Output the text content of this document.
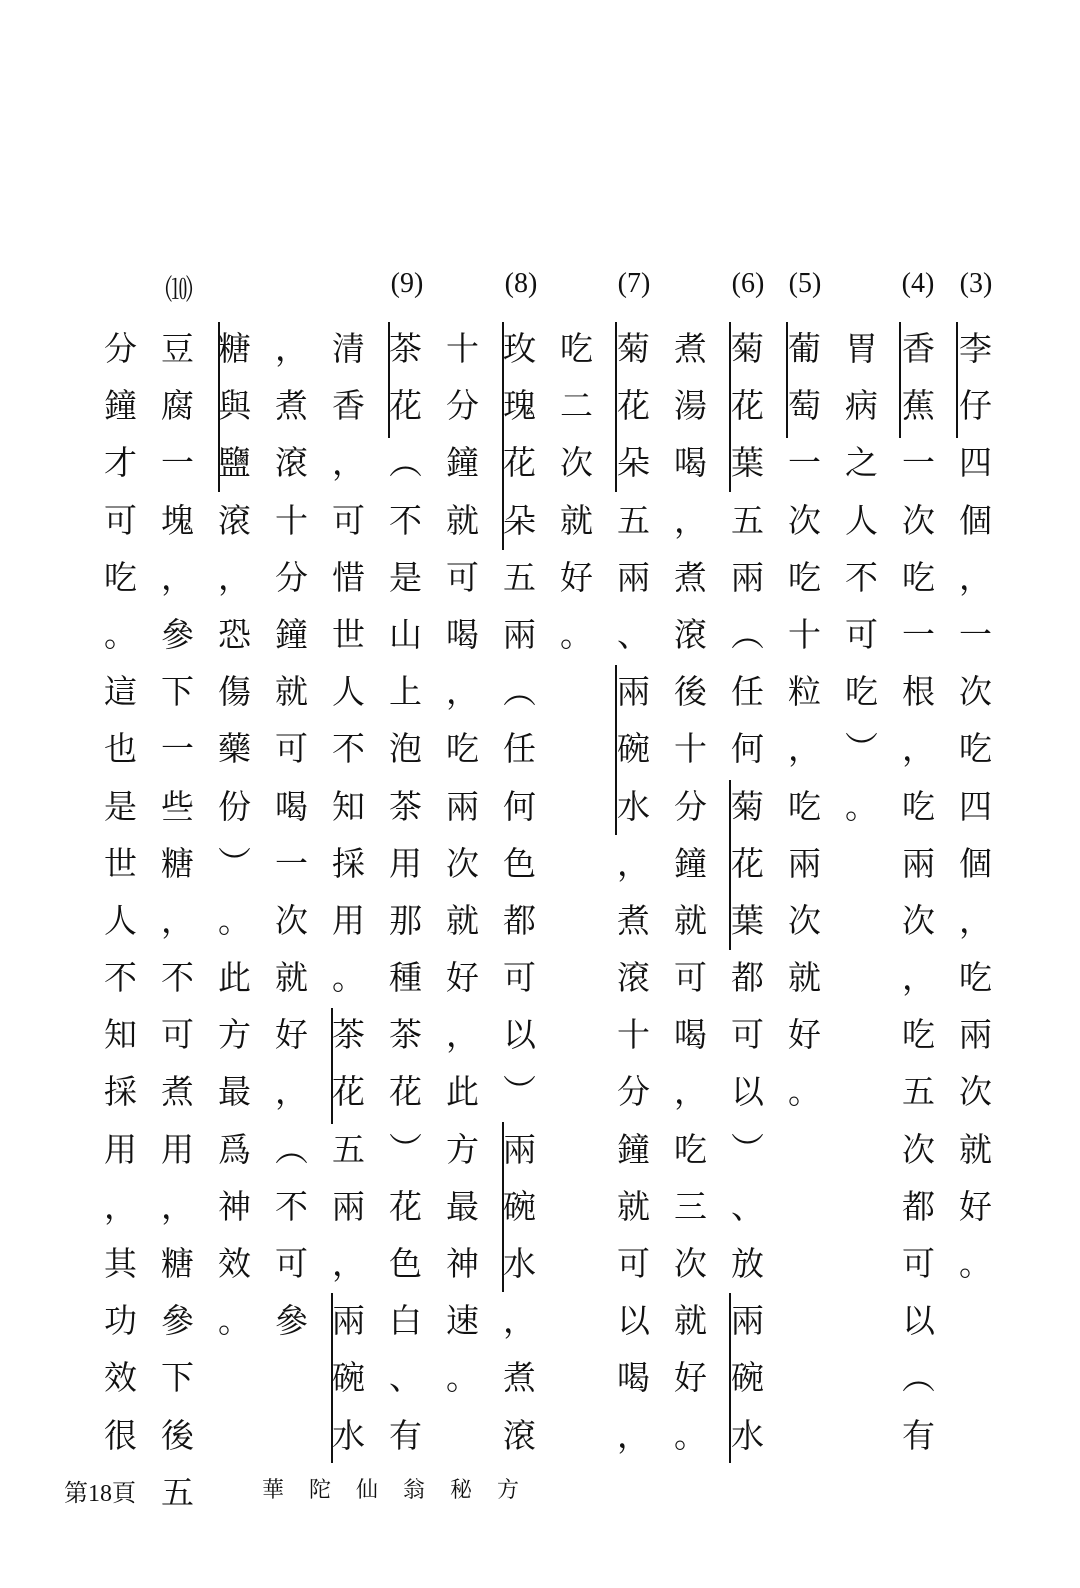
(3)
(4)
(5)
(6)
(7)
(8)
(9)
⑽
李
仔
四
個
，
一
次
吃
四
個
，
吃
兩
次
就
好
。
香
蕉
一
次
吃
一
根
，
吃
兩
次
，
吃
五
次
都
可
以
︵
有
胃
病
之
人
不
可
吃
︶
。
葡
萄
一
次
吃
十
粒
，
吃
兩
次
就
好
。
菊
花
葉
五
兩
︵
任
何
菊
花
葉
都
可
以
︶
、
放
兩
碗
水
煮
湯
喝
，
煮
滾
後
十
分
鐘
就
可
喝
，
吃
三
次
就
好
。
菊
花
朵
五
兩
、
兩
碗
水
，
煮
滾
十
分
鐘
就
可
以
喝
，
吃
二
次
就
好
。
玫
瑰
花
朵
五
兩
︵
任
何
色
都
可
以
︶
兩
碗
水
，
煮
滾
十
分
鐘
就
可
喝
，
吃
兩
次
就
好
，
此
方
最
神
速
。
茶
花
︵
不
是
山
上
泡
茶
用
那
種
茶
花
︶
花
色
白
、
有
清
香
，
可
惜
世
人
不
知
採
用
。
茶
花
五
兩
，
兩
碗
水
，
煮
滾
十
分
鐘
就
可
喝
一
次
就
好
，
︵
不
可
參
糖
與
鹽
滾
，
恐
傷
藥
份
︶
。
此
方
最
爲
神
效
。
豆
腐
一
塊
，
參
下
一
些
糖
，
不
可
煮
用
，
糖
參
下
後
五
分
鐘
才
可
吃
。
這
也
是
世
人
不
知
採
用
，
其
功
效
很
第18頁	華陀仙翁秘方
